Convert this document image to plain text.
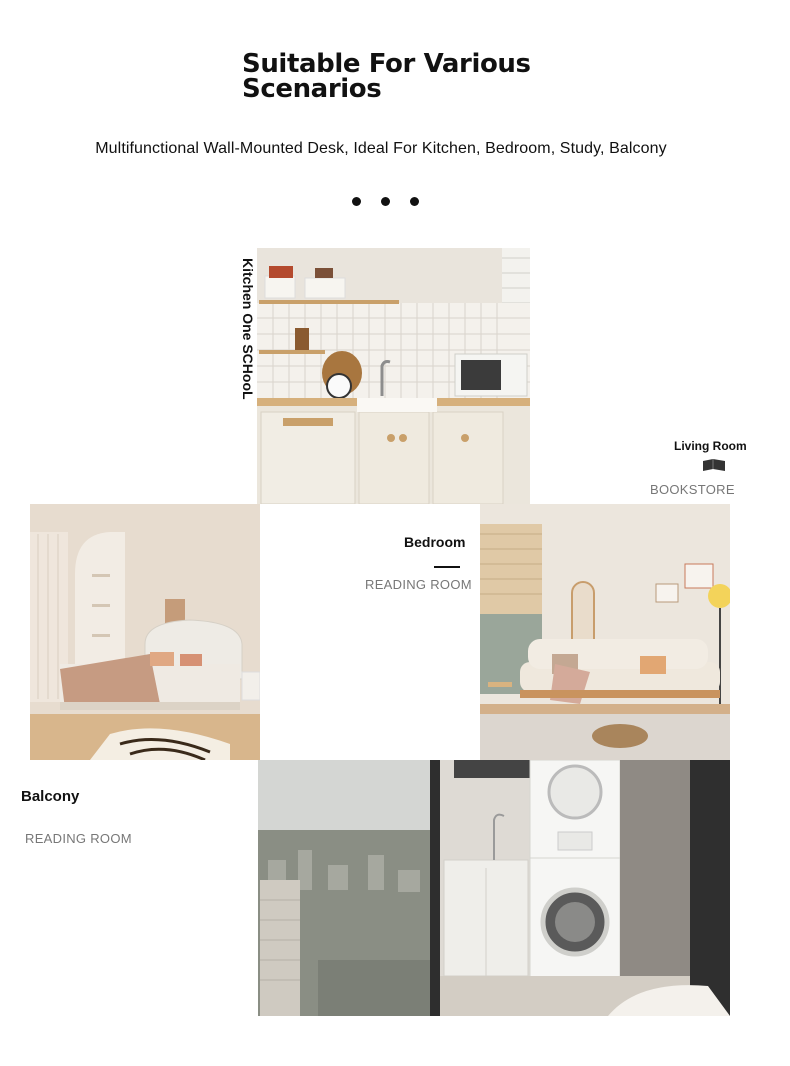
Suitable For Various Scenarios
Multifunctional Wall-Mounted Desk, Ideal For Kitchen, Bedroom, Study, Balcony
Kitchen One SCHooL
Living Room
BOOKSTORE
Bedroom
READING ROOM
Balcony
READING ROOM
